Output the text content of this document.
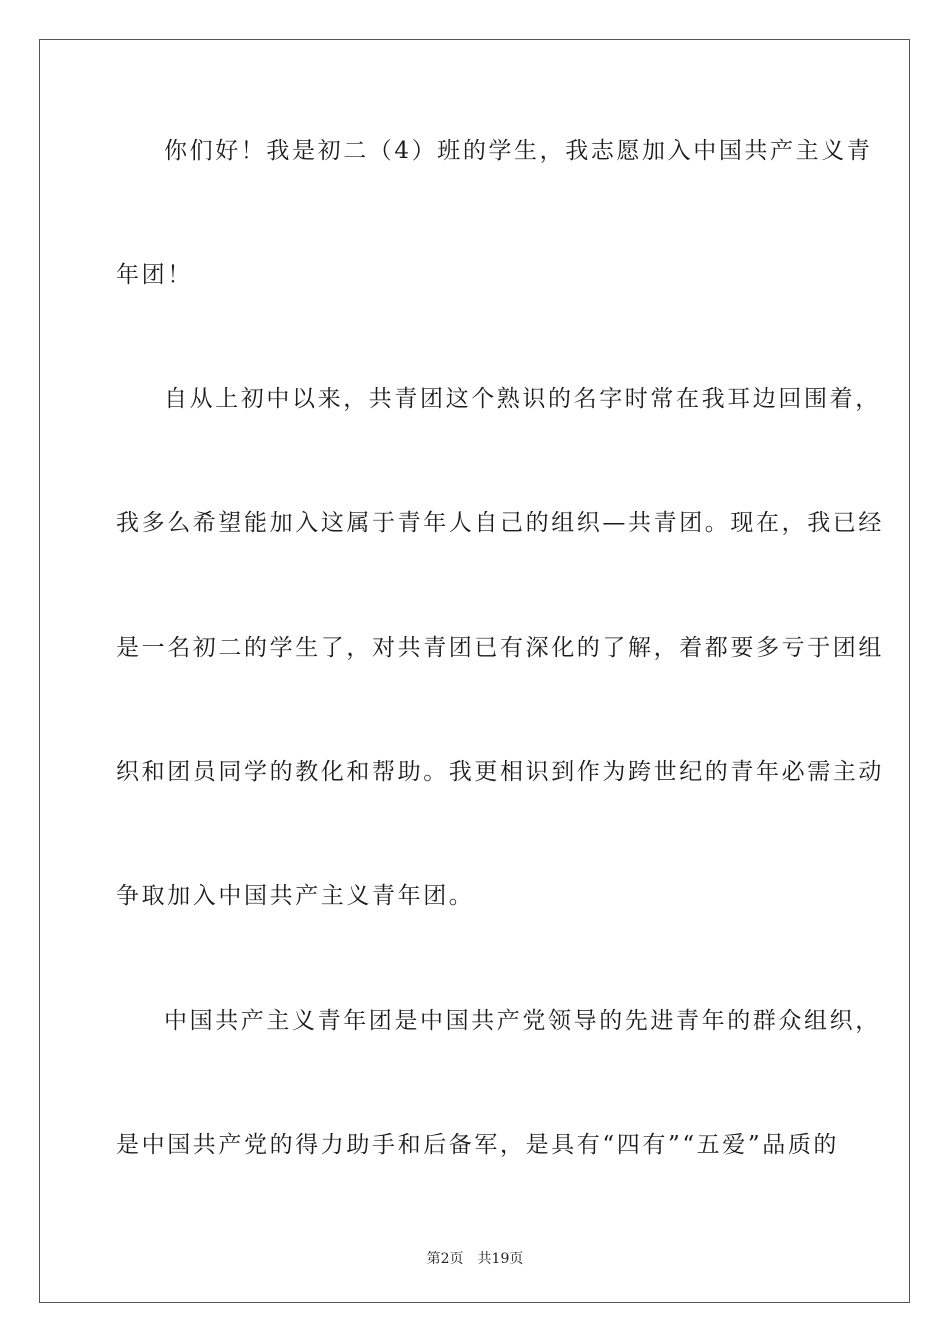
你们好！我是初二（4）班的学生，我志愿加入中国共产主义青
年团！
自从上初中以来，共青团这个熟识的名字时常在我耳边回围着，
我多么希望能加入这属于青年人自己的组织—共青团。现在，我已经
是一名初二的学生了，对共青团已有深化的了解，着都要多亏于团组
织和团员同学的教化和帮助。我更相识到作为跨世纪的青年必需主动
争取加入中国共产主义青年团。
中国共产主义青年团是中国共产党领导的先进青年的群众组织，
是中国共产党的得力助手和后备军，是具有“四有”“五爱”品质的
第2页 共19页
